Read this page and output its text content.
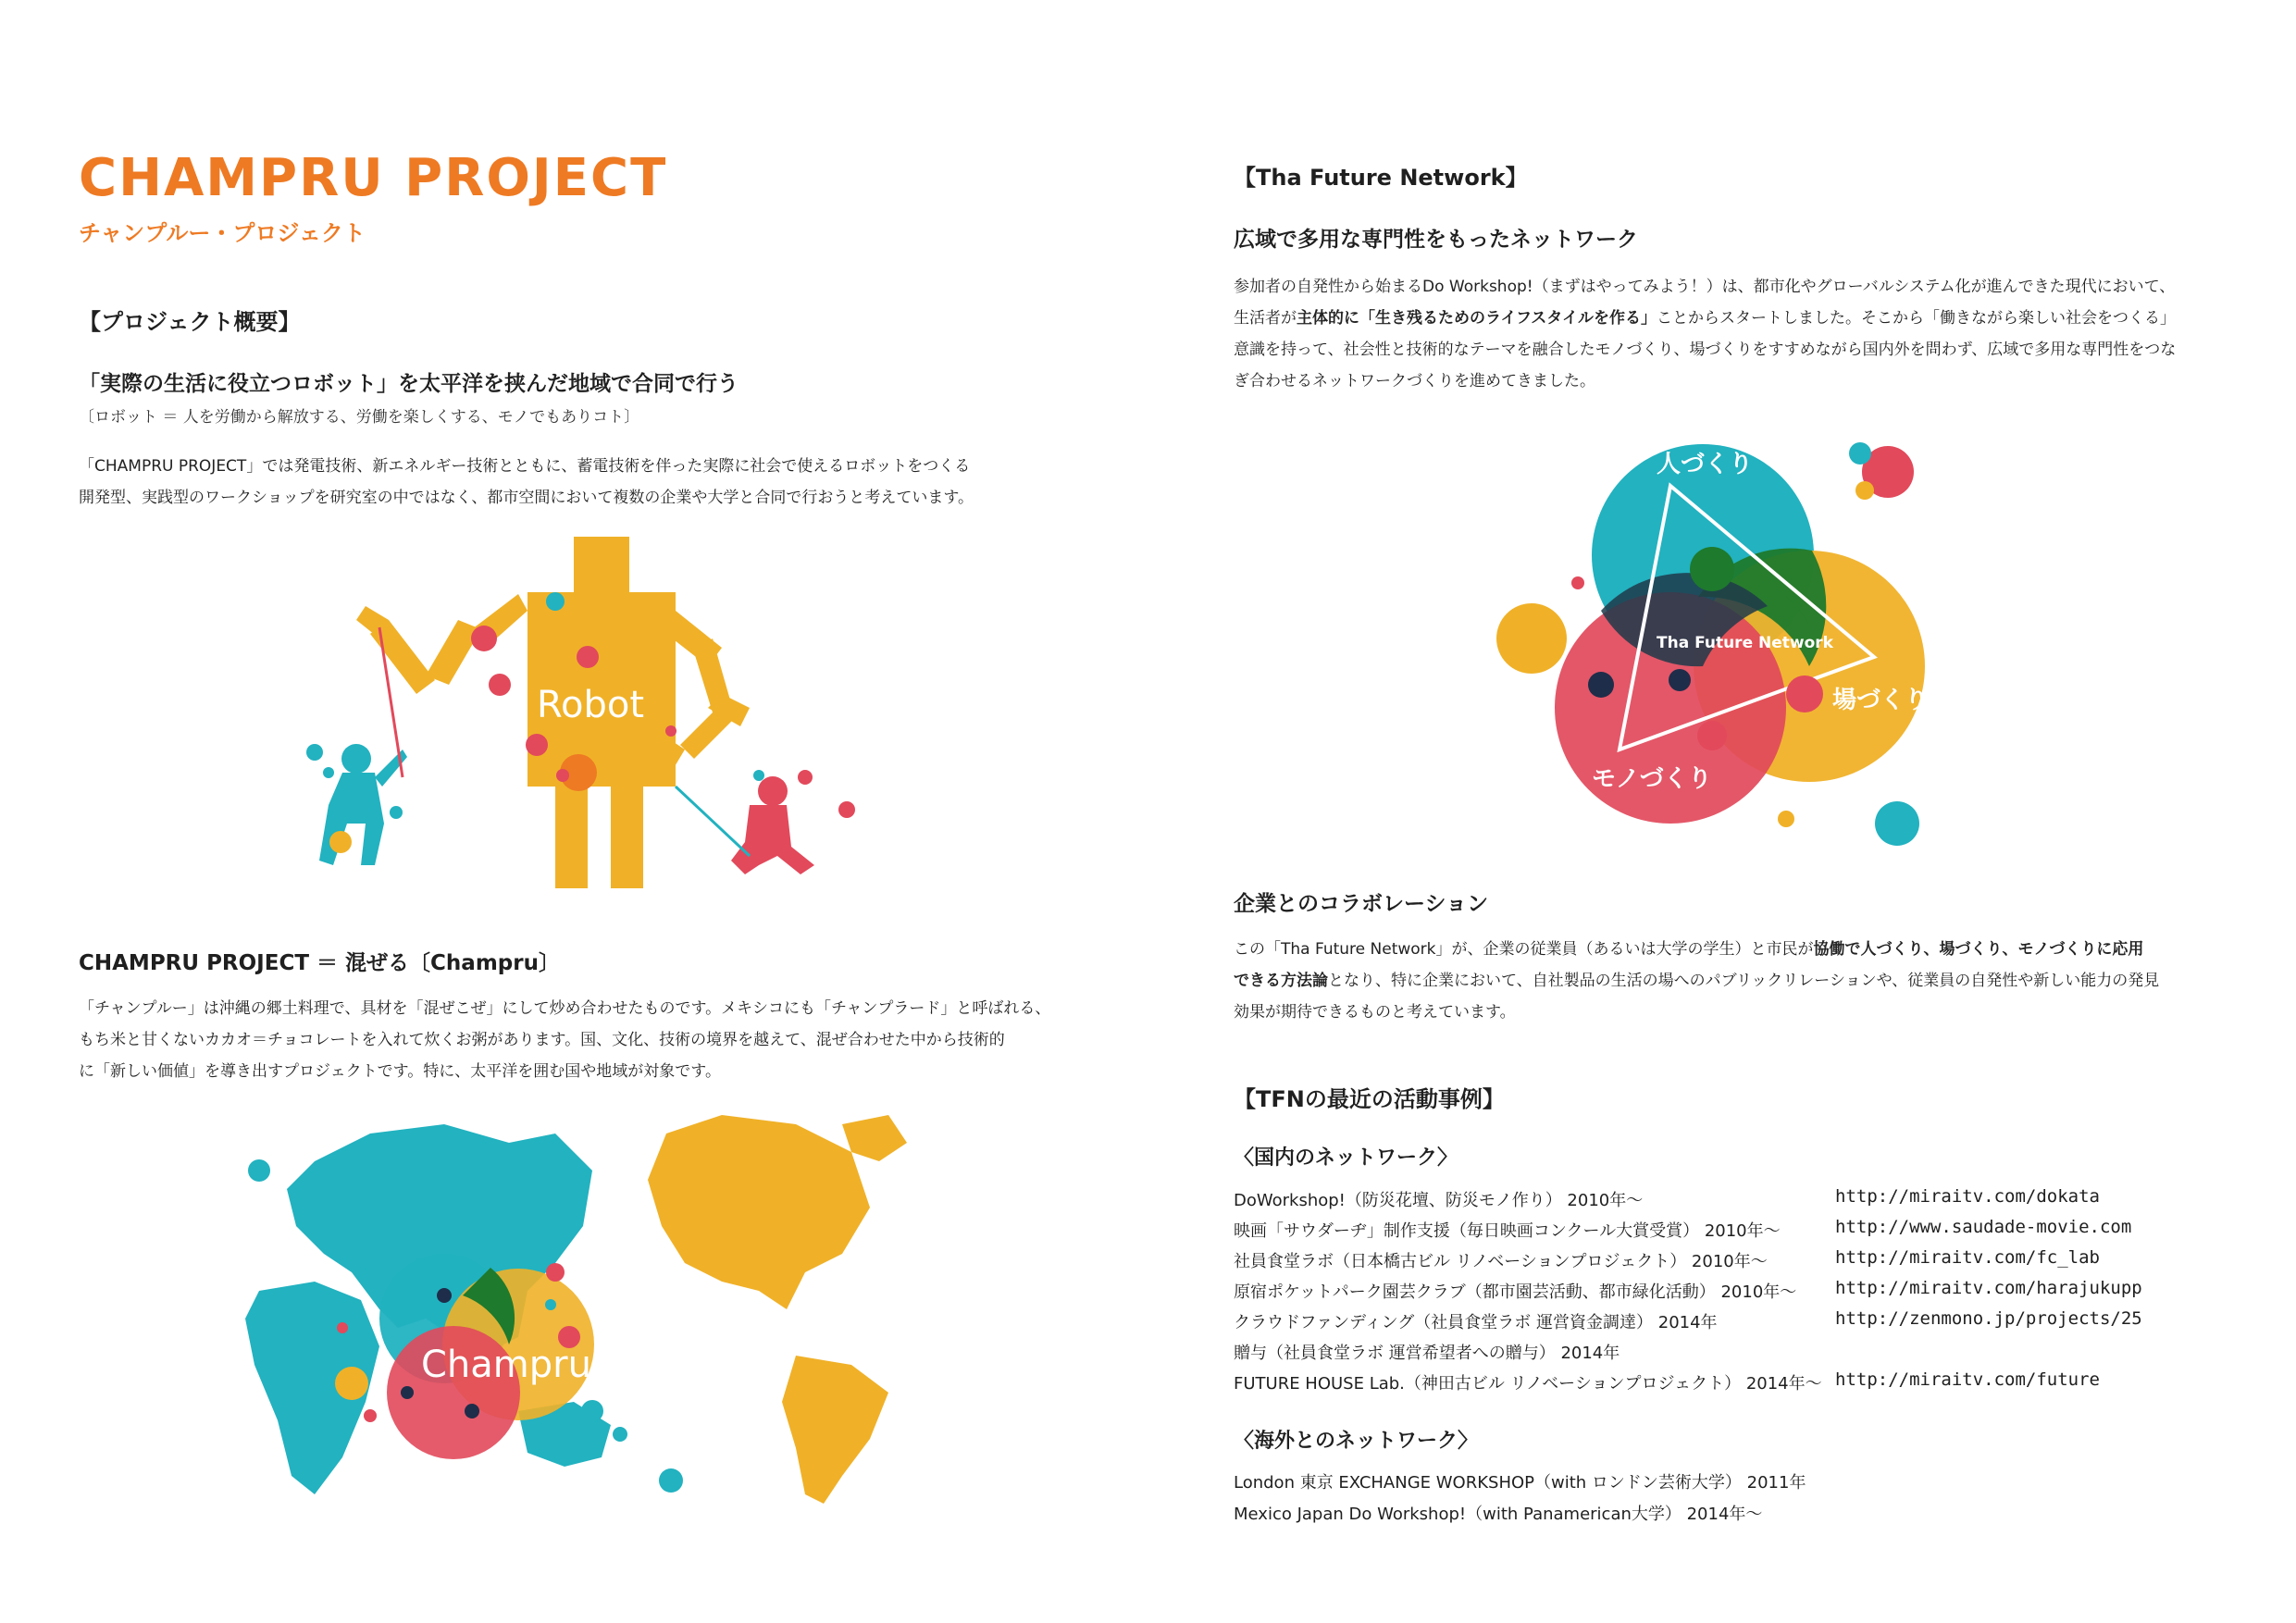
CHAMPRU PROJECT

チャンプルー・プロジェクト

【プロジェクト概要】

「実際の生活に役立つロボット」を太平洋を挟んだ地域で合同で行う

〔ロボット ＝ 人を労働から解放する、労働を楽しくする、モノでもありコト〕

「CHAMPRU PROJECT」では発電技術、新エネルギー技術とともに、蓄電技術を伴った実際に社会で使えるロボットをつくる

開発型、実践型のワークショップを研究室の中ではなく、都市空間において複数の企業や大学と合同で行おうと考えています。

Robot

CHAMPRU PROJECT ＝ 混ぜる〔Champru〕

「チャンプルー」は沖縄の郷土料理で、具材を「混ぜこぜ」にして炒め合わせたものです。メキシコにも「チャンプラード」と呼ばれる、

もち米と甘くないカカオ＝チョコレートを入れて炊くお粥があります。国、文化、技術の境界を越えて、混ぜ合わせた中から技術的

に「新しい価値」を導き出すプロジェクトです。特に、太平洋を囲む国や地域が対象です。

Champru

【Tha Future Network】

広域で多用な専門性をもったネットワーク

参加者の自発性から始まるDo Workshop!（まずはやってみよう！）は、都市化やグローバルシステム化が進んできた現代において、

生活者が主体的に「生き残るためのライフスタイルを作る」ことからスタートしました。そこから「働きながら楽しい社会をつくる」

意識を持って、社会性と技術的なテーマを融合したモノづくり、場づくりをすすめながら国内外を問わず、広域で多用な専門性をつな

ぎ合わせるネットワークづくりを進めてきました。

人づくり
場づくり
モノづくり
Tha Future Network

企業とのコラボレーション

この「Tha Future Network」が、企業の従業員（あるいは大学の学生）と市民が協働で人づくり、場づくり、モノづくりに応用

できる方法論となり、特に企業において、自社製品の生活の場へのパブリックリレーションや、従業員の自発性や新しい能力の発見

効果が期待できるものと考えています。

【TFNの最近の活動事例】

〈国内のネットワーク〉

DoWorkshop!（防災花壇、防災モノ作り） 2010年〜	http://miraitv.com/dokata
映画「サウダーヂ」制作支援（毎日映画コンクール大賞受賞） 2010年〜	http://www.saudade-movie.com
社員食堂ラボ（日本橋古ビル リノベーションプロジェクト） 2010年〜	http://miraitv.com/fc_lab
原宿ポケットパーク園芸クラブ（都市園芸活動、都市緑化活動） 2010年〜 http://miraitv.com/harajukupp
クラウドファンディング（社員食堂ラボ 運営資金調達） 2014年	http://zenmono.jp/projects/25
贈与（社員食堂ラボ 運営希望者への贈与） 2014年
FUTURE HOUSE Lab.（神田古ビル リノベーションプロジェクト） 2014年〜 http://miraitv.com/future

〈海外とのネットワーク〉

London 東京 EXCHANGE WORKSHOP（with ロンドン芸術大学） 2011年
Mexico Japan Do Workshop!（with Panamerican大学） 2014年〜
